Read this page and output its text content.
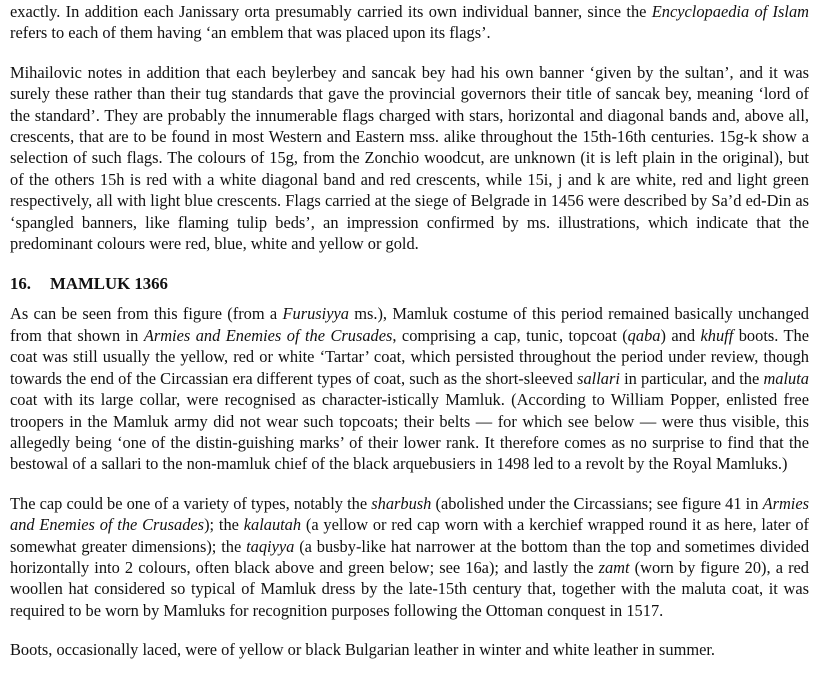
exactly. In addition each Janissary orta presumably carried its own individual banner, since the Encyclopaedia of Islam refers to each of them having ‘an emblem that was placed upon its flags’.

Mihailovic notes in addition that each beylerbey and sancak bey had his own banner ‘given by the sultan’, and it was surely these rather than their tug standards that gave the provincial governors their title of sancak bey, meaning ‘lord of the standard’. They are probably the innumerable flags charged with stars, horizontal and diagonal bands and, above all, crescents, that are to be found in most Western and Eastern mss. alike throughout the 15th-16th centuries. 15g-k show a selection of such flags. The colours of 15g, from the Zonchio woodcut, are unknown (it is left plain in the original), but of the others 15h is red with a white diagonal band and red crescents, while 15i, j and k are white, red and light green respectively, all with light blue crescents. Flags carried at the siege of Belgrade in 1456 were described by Sa’d ed-Din as ‘spangled banners, like flaming tulip beds’, an impression confirmed by ms. illustrations, which indicate that the predominant colours were red, blue, white and yellow or gold.

16. MAMLUK 1366

As can be seen from this figure (from a Furusiyya ms.), Mamluk costume of this period remained basically unchanged from that shown in Armies and Enemies of the Crusades, comprising a cap, tunic, topcoat (qaba) and khuff boots. The coat was still usually the yellow, red or white ‘Tartar’ coat, which persisted throughout the period under review, though towards the end of the Circassian era different types of coat, such as the short-sleeved sallari in particular, and the maluta coat with its large collar, were recognised as character-istically Mamluk. (According to William Popper, enlisted free troopers in the Mamluk army did not wear such topcoats; their belts — for which see below — were thus visible, this allegedly being ‘one of the distin-guishing marks’ of their lower rank. It therefore comes as no surprise to find that the bestowal of a sallari to the non-mamluk chief of the black arquebusiers in 1498 led to a revolt by the Royal Mamluks.)

The cap could be one of a variety of types, notably the sharbush (abolished under the Circassians; see figure 41 in Armies and Enemies of the Crusades); the kalautah (a yellow or red cap worn with a kerchief wrapped round it as here, later of somewhat greater dimensions); the taqiyya (a busby-like hat narrower at the bottom than the top and sometimes divided horizontally into 2 colours, often black above and green below; see 16a); and lastly the zamt (worn by figure 20), a red woollen hat considered so typical of Mamluk dress by the late-15th century that, together with the maluta coat, it was required to be worn by Mamluks for recognition purposes following the Ottoman conquest in 1517.

Boots, occasionally laced, were of yellow or black Bulgarian leather in winter and white leather in summer.
